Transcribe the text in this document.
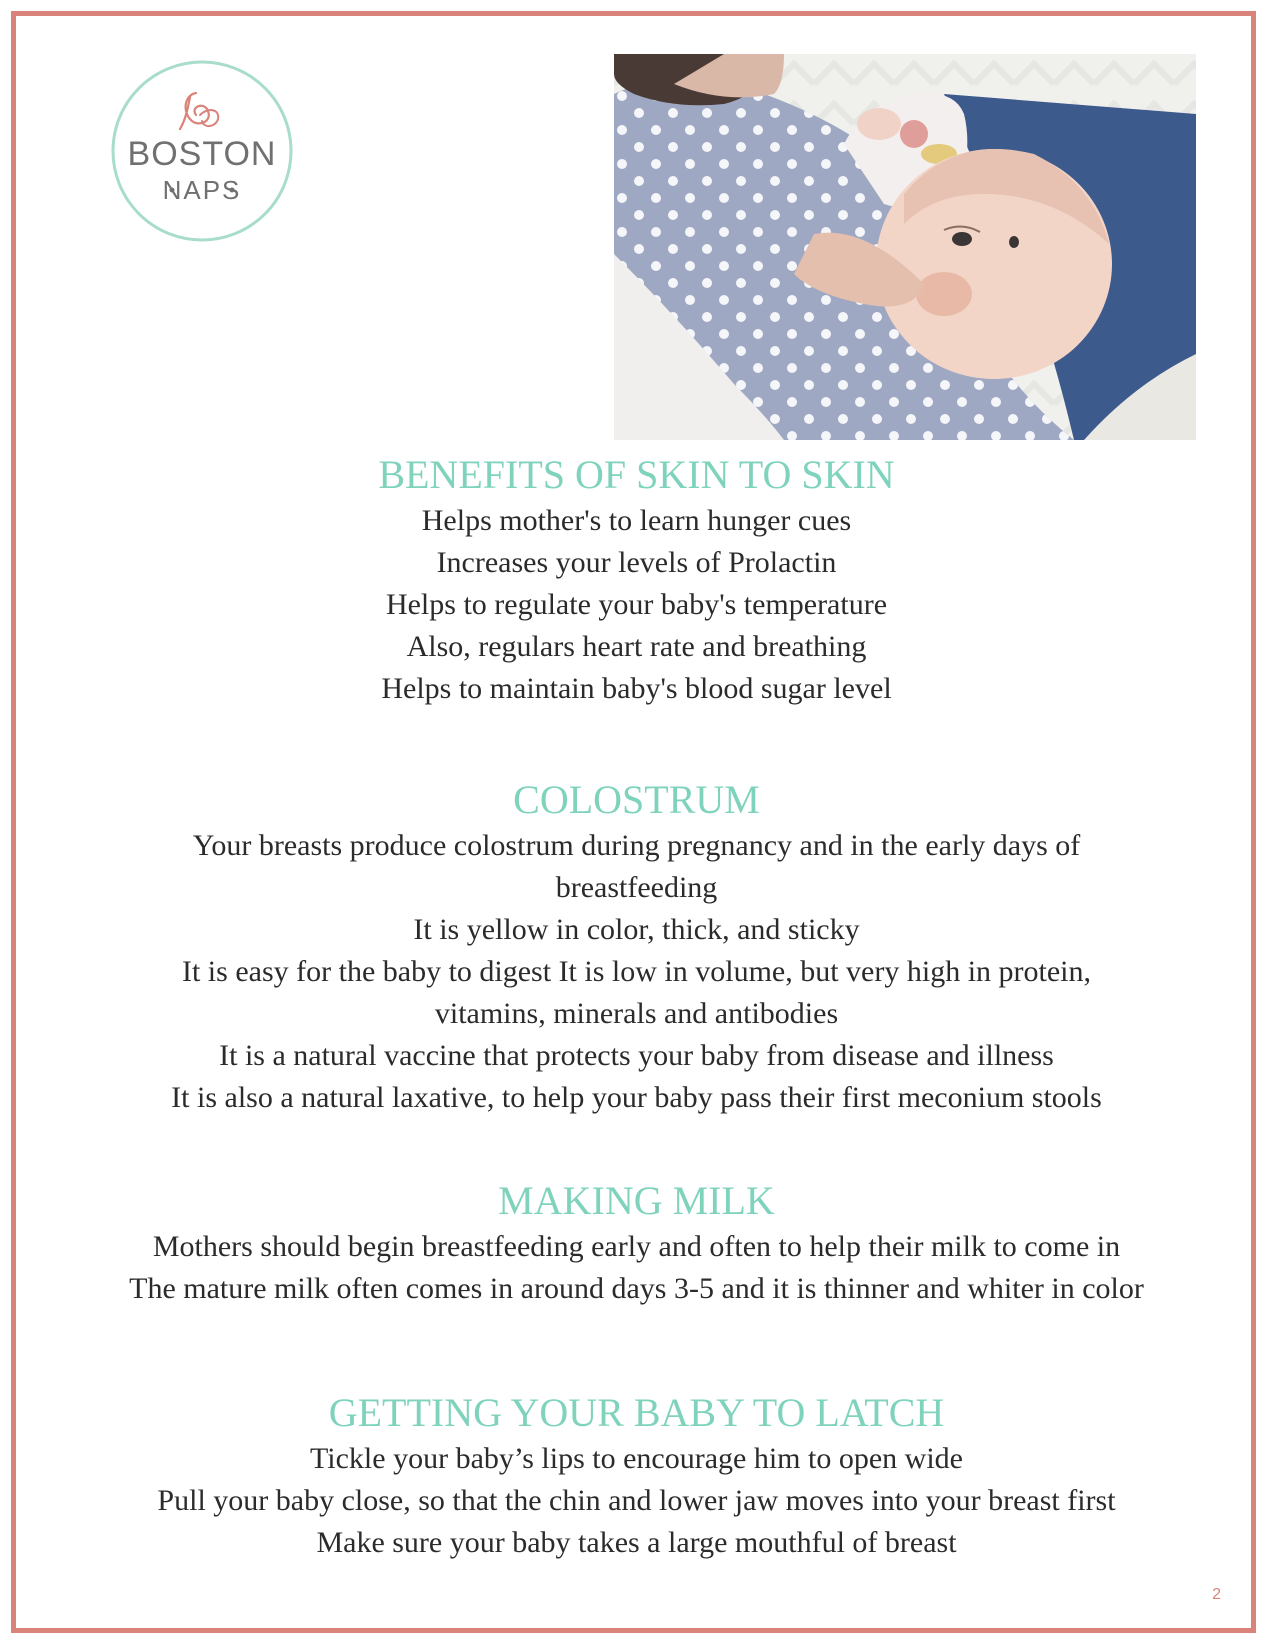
BOSTON
NAPS
BENEFITS OF SKIN TO SKIN

Helps mother's to learn hunger cues

Increases your levels of Prolactin

Helps to regulate your baby's temperature

Also, regulars heart rate and breathing

Helps to maintain baby's blood sugar level

COLOSTRUM

Your breasts produce colostrum during pregnancy and in the early days of

breastfeeding

It is yellow in color, thick, and sticky

It is easy for the baby to digest It is low in volume, but very high in protein,

vitamins, minerals and antibodies

It is a natural vaccine that protects your baby from disease and illness

It is also a natural laxative, to help your baby pass their first meconium stools

MAKING MILK

Mothers should begin breastfeeding early and often to help their milk to come in

The mature milk often comes in around days 3-5 and it is thinner and whiter in color

GETTING YOUR BABY TO LATCH

Tickle your baby’s lips to encourage him to open wide

Pull your baby close, so that the chin and lower jaw moves into your breast first

Make sure your baby takes a large mouthful of breast

2
